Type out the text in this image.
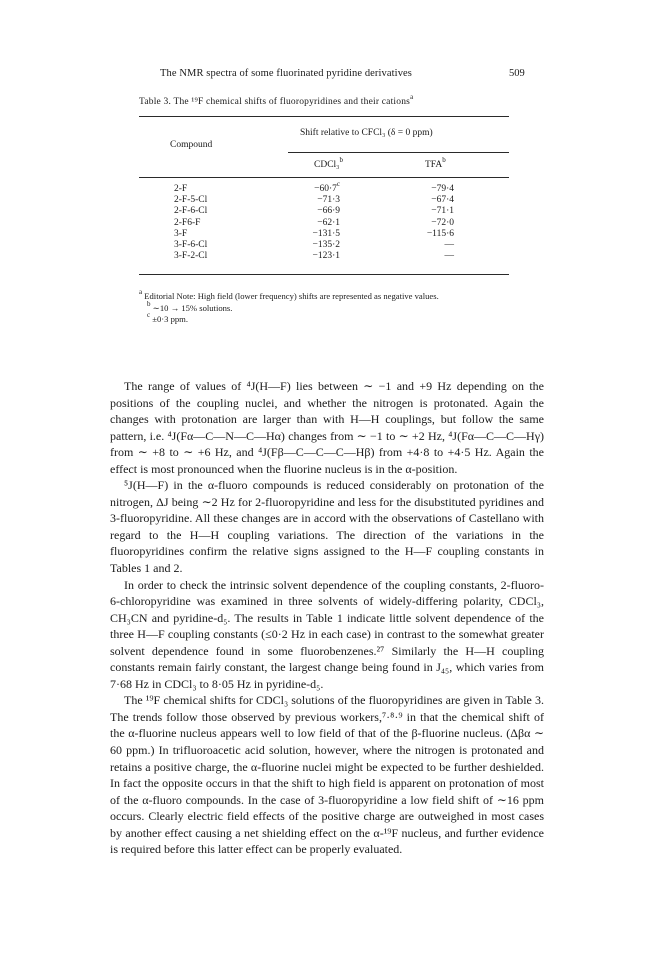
The NMR spectra of some fluorinated pyridine derivatives	509
Table 3. The ¹⁹F chemical shifts of fluoropyridines and their cations$^a$
Shift relative to CFCl₃ (δ = 0 ppm)
Compound
CDCl₃$^b$	TFA$^b$
2-F
2-F-5-Cl
2-F-6-Cl
2-F6-F
3-F
3-F-6-Cl
3-F-2-Cl
$-60\cdot 7^c$
−71·3
−66·9
−62·1
−131·5
−135·2
−123·1
−79·4
−67·4
−71·1
−72·0
−115·6
—
—

$^a$ Editorial Note: High field (lower frequency) shifts are represented as negative values.

$^b$ ∼10 → 15% solutions.

$^c$ ±0·3 ppm.

The range of values of ⁴J(H—F) lies between ∼ −1 and +9 Hz depending on the positions of the coupling nuclei, and whether the nitrogen is protonated. Again the changes with protonation are larger than with H—H couplings, but follow the same pattern, i.e. ⁴J(Fα—C—N—C—Hα) changes from ∼ −1 to ∼ +2 Hz, ⁴J(Fα—C—C—Hγ) from ∼ +8 to ∼ +6 Hz, and ⁴J(Fβ—C—C—C—Hβ) from +4·8 to +4·5 Hz. Again the effect is most pronounced when the fluorine nucleus is in the α-position.

⁵J(H—F) in the α-fluoro compounds is reduced considerably on protonation of the nitrogen, ΔJ being ∼2 Hz for 2-fluoropyridine and less for the disubstituted pyridines and 3-fluoropyridine. All these changes are in accord with the observations of Castellano with regard to the H—H coupling variations. The direction of the variations in the fluoropyridines confirm the relative signs assigned to the H—F coupling constants in Tables 1 and 2.

In order to check the intrinsic solvent dependence of the coupling constants, 2-fluoro-6-chloropyridine was examined in three solvents of widely-differing polarity, CDCl₃, CH₃CN and pyridine-d₅. The results in Table 1 indicate little solvent dependence of the three H—F coupling constants (≤0·2 Hz in each case) in contrast to the somewhat greater solvent dependence found in some fluorobenzenes.²⁷ Similarly the H—H coupling constants remain fairly constant, the largest change being found in J₄₅, which varies from 7·68 Hz in CDCl₃ to 8·05 Hz in pyridine-d₅.

The ¹⁹F chemical shifts for CDCl₃ solutions of the fluoropyridines are given in Table 3. The trends follow those observed by previous workers,⁷·⁸·⁹ in that the chemical shift of the α-fluorine nucleus appears well to low field of that of the β-fluorine nucleus. (Δβα ∼ 60 ppm.) In trifluoroacetic acid solution, however, where the nitrogen is protonated and retains a positive charge, the α-fluorine nuclei might be expected to be further deshielded. In fact the opposite occurs in that the shift to high field is apparent on protonation of most of the α-fluoro compounds. In the case of 3-fluoropyridine a low field shift of ∼16 ppm occurs. Clearly electric field effects of the positive charge are outweighed in most cases by another effect causing a net shielding effect on the α-¹⁹F nucleus, and further evidence is required before this latter effect can be properly evaluated.
